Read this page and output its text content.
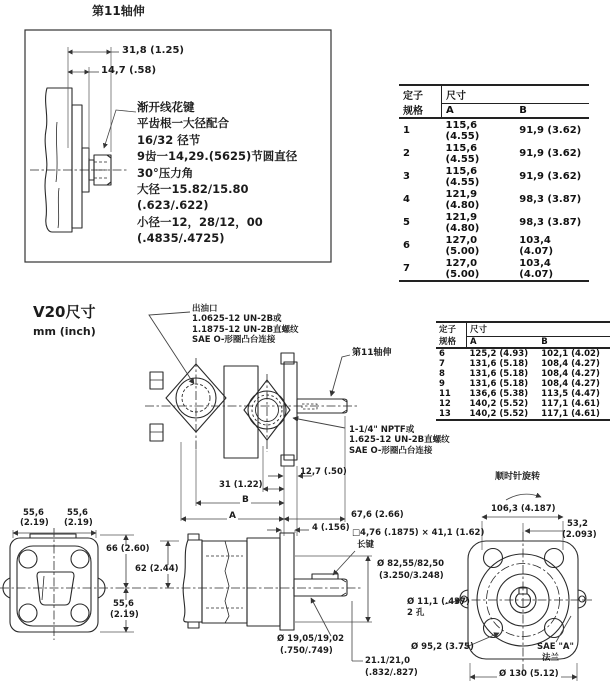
第11轴伸
31,8 (1.25)
14,7 (.58)
渐开线花键
平齿根一大径配合
16/32 径节
9齿一14,29.(5625)节圆直径
30°压力角
大径一15.82/15.80
(.623/.622)
小径一12，28/12，00
(.4835/.4725)
定子
规格	尺寸	
	A	B
1	115,6 (4.55)	91,9 (3.62)
2	115,6 (4.55)	91,9 (3.62)
3	115,6 (4.55)	91,9 (3.62)
4	121,9 (4.80)	98,3 (3.87)
5	121,9 (4.80)	98,3 (3.87)
6	127,0 (5.00)	103,4 (4.07)
7	127,0 (5.00)	103,4 (4.07)
V20尺寸
mm (inch)
出油口
1.0625-12 UN-2B或
1.1875-12 UN-2B直螺纹
SAE O-形圈凸台连接
第11轴伸
1-1/4" NPTF或
1.625-12 UN-2B直螺纹
SAE O-形圈凸台连接
定子
规格	尺寸	
	A	B
6	125,2 (4.93)	102,1 (4.02)
7	131,6 (5.18)	108,4 (4.27)
8	131,6 (5.18)	108,4 (4.27)
9	131,6 (5.18)	108,4 (4.27)
11	136,6 (5.38)	113,5 (4.47)
12	140,2 (5.52)	117,1 (4.61)
13	140,2 (5.52)	117,1 (4.61)
12,7 (.50)
31 (1.22)
B
A	67,6 (2.66)
4 (.156) □4,76 (.1875) × 41,1 (1.62)
长键
Ø 82,55/82,50
(3.250/3.248)
Ø 11,1 (.437)
2 孔
Ø 19,05/19,02
(.750/.749)
21.1/21,0
(.832/.827)
顺时针旋转
106,3 (4.187)
53,2
(2.093)
Ø 95,2 (3.75)	SAE "A"
法兰
Ø 130 (5.12)
55,6
(2.19)
55,6
(2.19)
66 (2.60)
62 (2.44)
55,6
(2.19)
